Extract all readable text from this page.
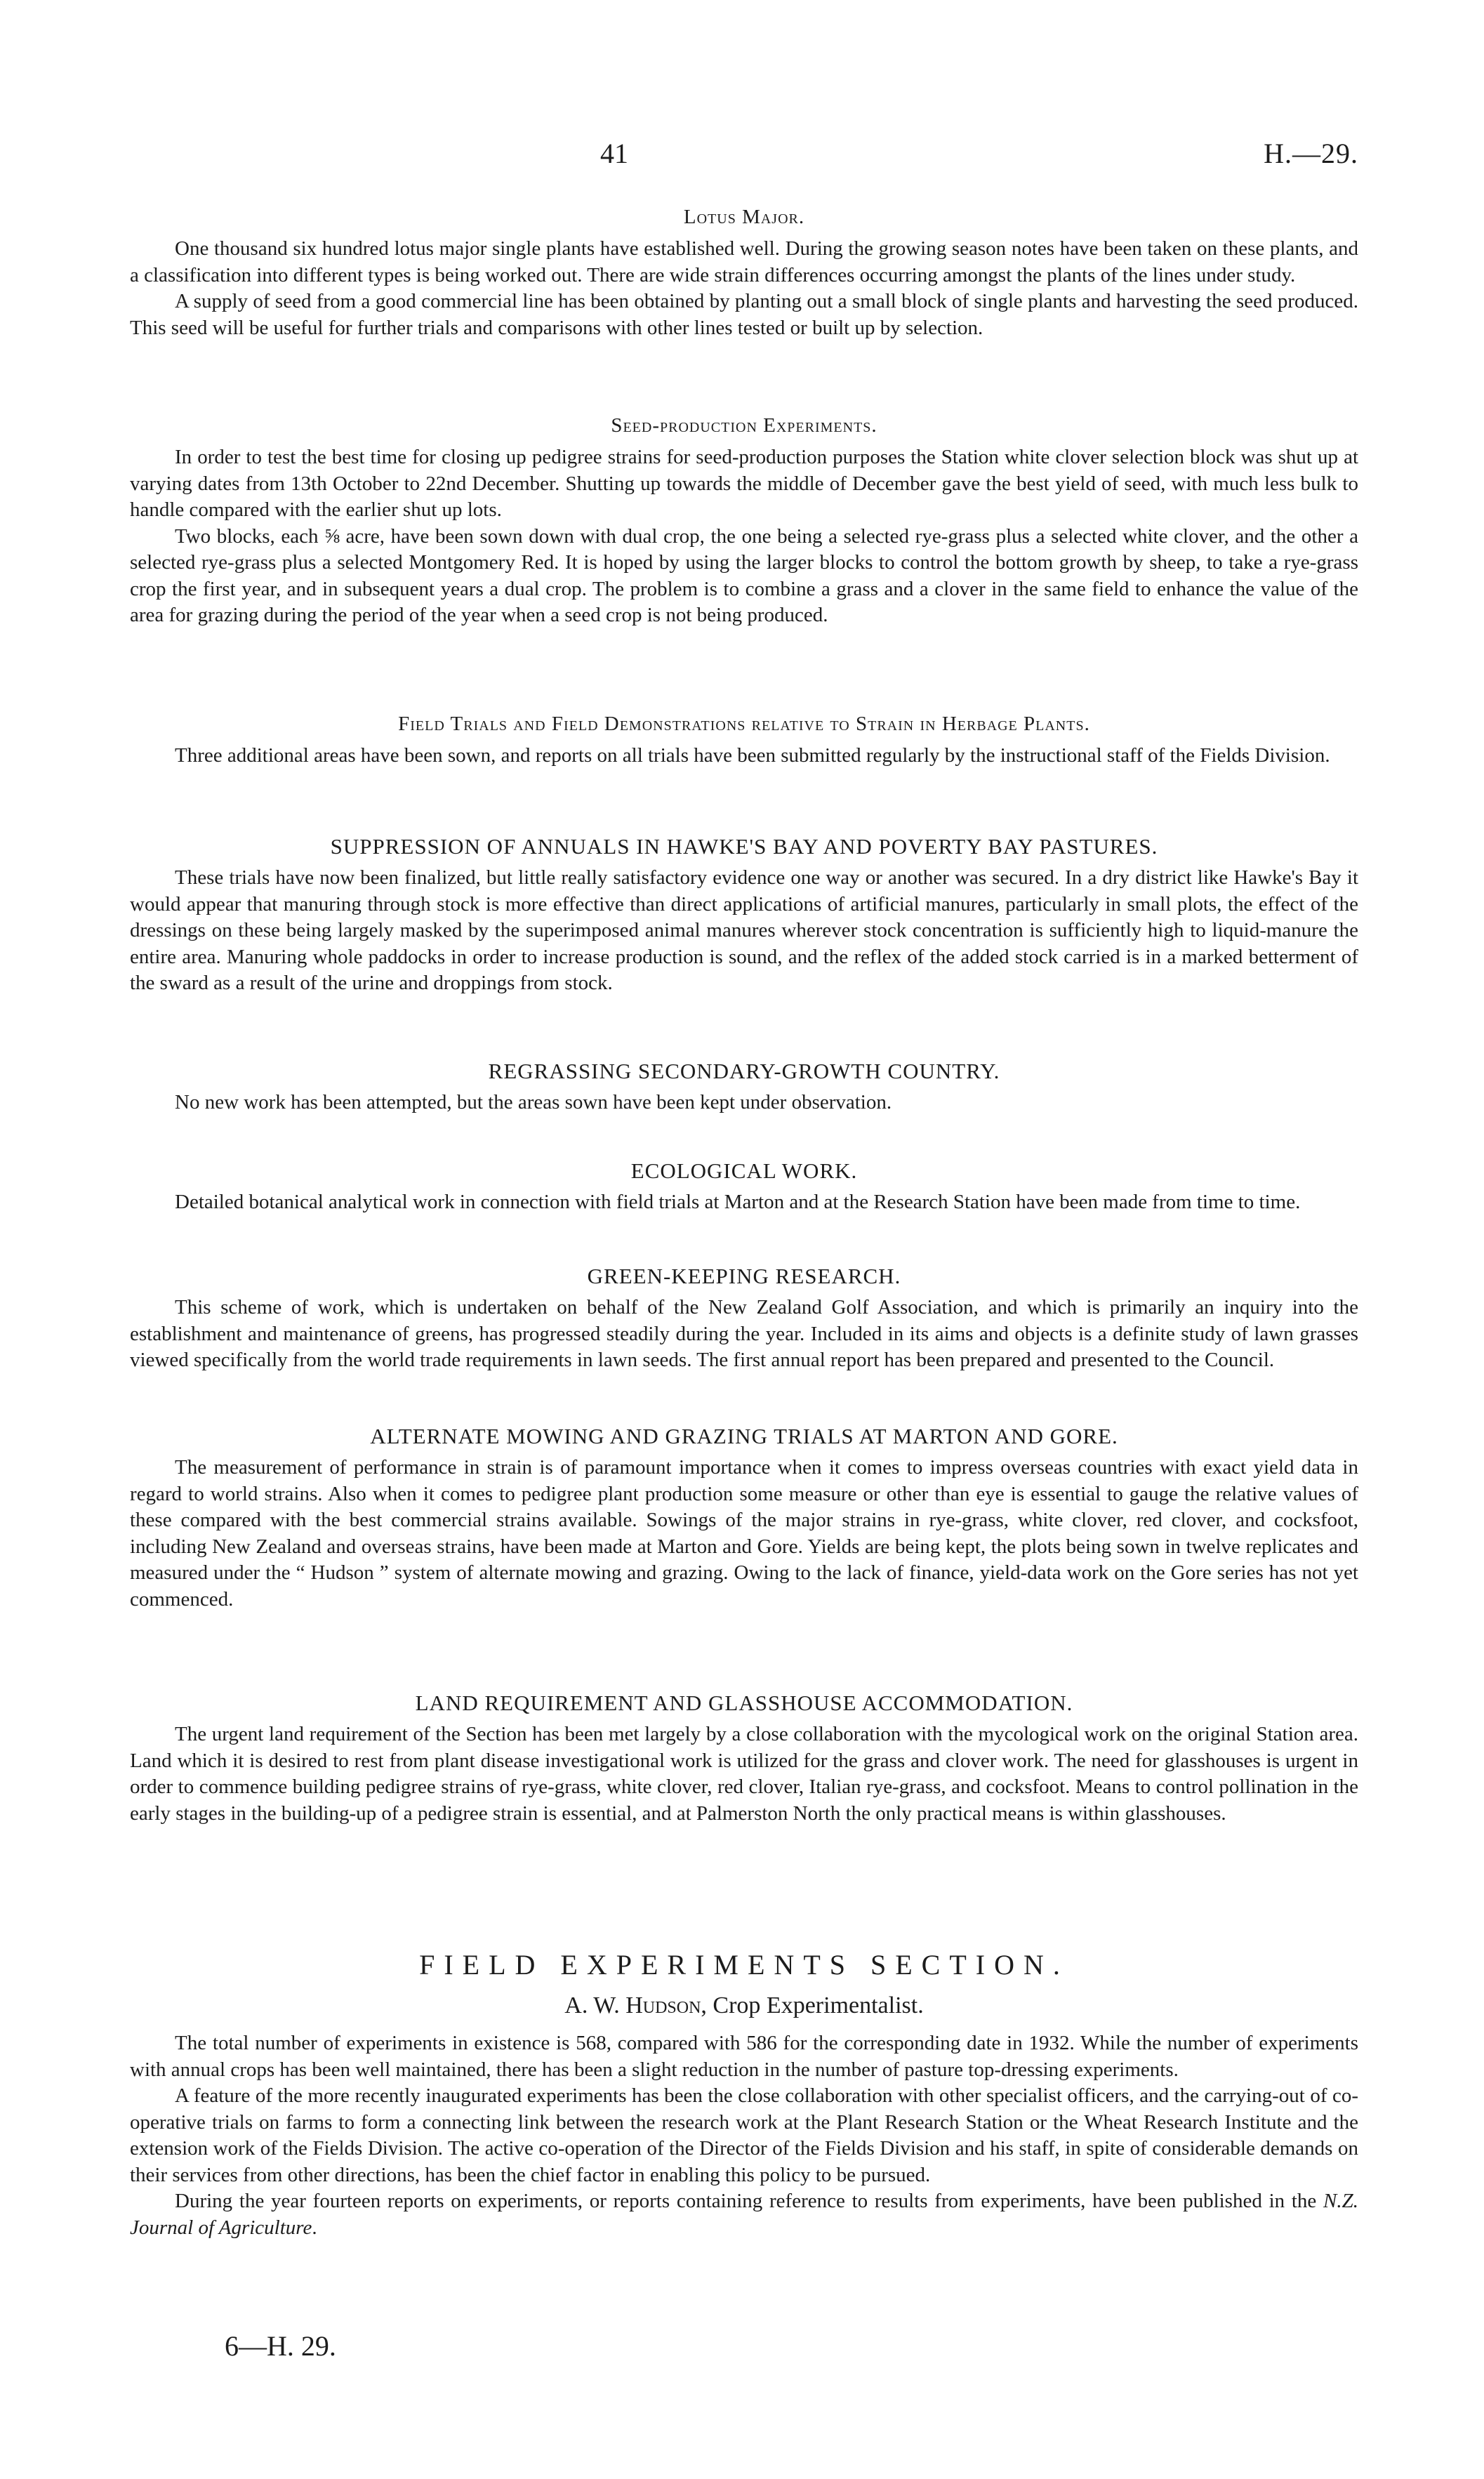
41	H.—29.
Lotus Major.

One thousand six hundred lotus major single plants have established well. During the growing season notes have been taken on these plants, and a classification into different types is being worked out. There are wide strain differences occurring amongst the plants of the lines under study.

A supply of seed from a good commercial line has been obtained by planting out a small block of single plants and harvesting the seed produced. This seed will be useful for further trials and comparisons with other lines tested or built up by selection.

Seed-production Experiments.

In order to test the best time for closing up pedigree strains for seed-production purposes the Station white clover selection block was shut up at varying dates from 13th October to 22nd December. Shutting up towards the middle of December gave the best yield of seed, with much less bulk to handle compared with the earlier shut up lots.

Two blocks, each ⅝ acre, have been sown down with dual crop, the one being a selected rye-grass plus a selected white clover, and the other a selected rye-grass plus a selected Montgomery Red. It is hoped by using the larger blocks to control the bottom growth by sheep, to take a rye-grass crop the first year, and in subsequent years a dual crop. The problem is to combine a grass and a clover in the same field to enhance the value of the area for grazing during the period of the year when a seed crop is not being produced.

Field Trials and Field Demonstrations relative to Strain in Herbage Plants.

Three additional areas have been sown, and reports on all trials have been submitted regularly by the instructional staff of the Fields Division.

SUPPRESSION OF ANNUALS IN HAWKE'S BAY AND POVERTY BAY PASTURES.

These trials have now been finalized, but little really satisfactory evidence one way or another was secured. In a dry district like Hawke's Bay it would appear that manuring through stock is more effective than direct applications of artificial manures, particularly in small plots, the effect of the dressings on these being largely masked by the superimposed animal manures wherever stock concentration is sufficiently high to liquid-manure the entire area. Manuring whole paddocks in order to increase production is sound, and the reflex of the added stock carried is in a marked betterment of the sward as a result of the urine and droppings from stock.

REGRASSING SECONDARY-GROWTH COUNTRY.

No new work has been attempted, but the areas sown have been kept under observation.

ECOLOGICAL WORK.

Detailed botanical analytical work in connection with field trials at Marton and at the Research Station have been made from time to time.

GREEN-KEEPING RESEARCH.

This scheme of work, which is undertaken on behalf of the New Zealand Golf Association, and which is primarily an inquiry into the establishment and maintenance of greens, has progressed steadily during the year. Included in its aims and objects is a definite study of lawn grasses viewed specifically from the world trade requirements in lawn seeds. The first annual report has been prepared and presented to the Council.

ALTERNATE MOWING AND GRAZING TRIALS AT MARTON AND GORE.

The measurement of performance in strain is of paramount importance when it comes to impress overseas countries with exact yield data in regard to world strains. Also when it comes to pedigree plant production some measure or other than eye is essential to gauge the relative values of these compared with the best commercial strains available. Sowings of the major strains in rye-grass, white clover, red clover, and cocksfoot, including New Zealand and overseas strains, have been made at Marton and Gore. Yields are being kept, the plots being sown in twelve replicates and measured under the “ Hudson ” system of alternate mowing and grazing. Owing to the lack of finance, yield-data work on the Gore series has not yet commenced.

LAND REQUIREMENT AND GLASSHOUSE ACCOMMODATION.

The urgent land requirement of the Section has been met largely by a close collaboration with the mycological work on the original Station area. Land which it is desired to rest from plant disease investigational work is utilized for the grass and clover work. The need for glasshouses is urgent in order to commence building pedigree strains of rye-grass, white clover, red clover, Italian rye-grass, and cocksfoot. Means to control pollination in the early stages in the building-up of a pedigree strain is essential, and at Palmerston North the only practical means is within glasshouses.

FIELD EXPERIMENTS SECTION.
A. W. Hudson, Crop Experimentalist.

The total number of experiments in existence is 568, compared with 586 for the corresponding date in 1932. While the number of experiments with annual crops has been well maintained, there has been a slight reduction in the number of pasture top-dressing experiments.

A feature of the more recently inaugurated experiments has been the close collaboration with other specialist officers, and the carrying-out of co-operative trials on farms to form a connecting link between the research work at the Plant Research Station or the Wheat Research Institute and the extension work of the Fields Division. The active co-operation of the Director of the Fields Division and his staff, in spite of considerable demands on their services from other directions, has been the chief factor in enabling this policy to be pursued.

During the year fourteen reports on experiments, or reports containing reference to results from experiments, have been published in the N.Z. Journal of Agriculture.

6—H. 29.
